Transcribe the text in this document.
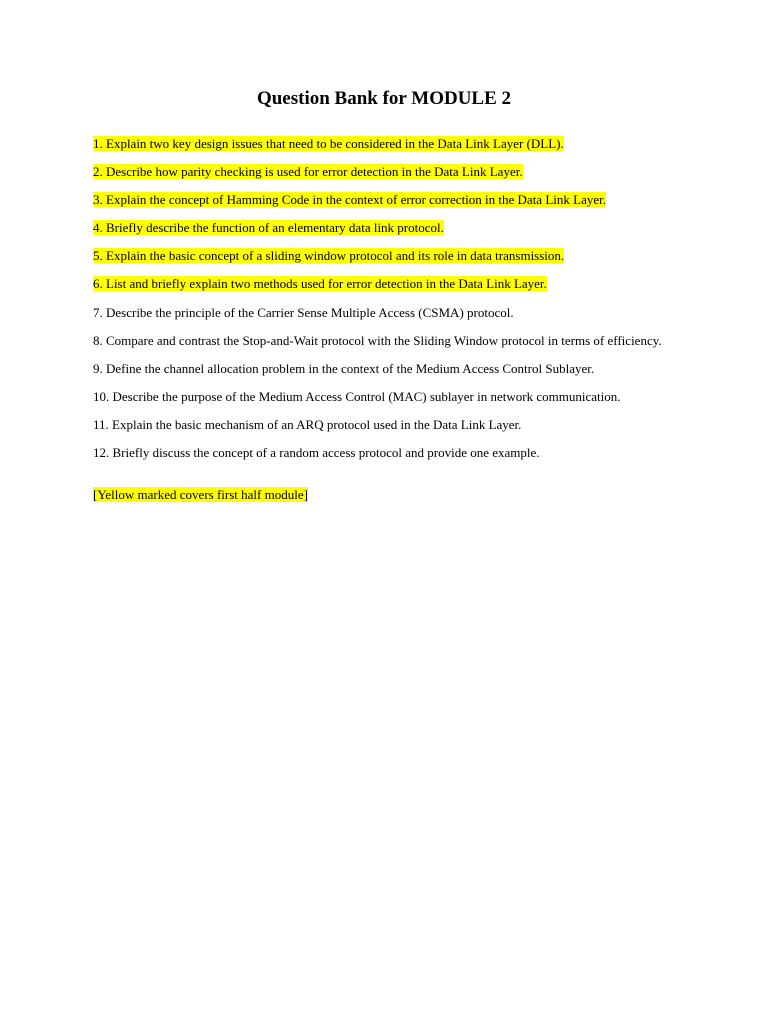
Question Bank for MODULE 2
1. Explain two key design issues that need to be considered in the Data Link Layer (DLL).
2. Describe how parity checking is used for error detection in the Data Link Layer.
3. Explain the concept of Hamming Code in the context of error correction in the Data Link Layer.
4. Briefly describe the function of an elementary data link protocol.
5. Explain the basic concept of a sliding window protocol and its role in data transmission.
6. List and briefly explain two methods used for error detection in the Data Link Layer.
7. Describe the principle of the Carrier Sense Multiple Access (CSMA) protocol.
8. Compare and contrast the Stop-and-Wait protocol with the Sliding Window protocol in terms of efficiency.
9. Define the channel allocation problem in the context of the Medium Access Control Sublayer.
10. Describe the purpose of the Medium Access Control (MAC) sublayer in network communication.
11. Explain the basic mechanism of an ARQ protocol used in the Data Link Layer.
12. Briefly discuss the concept of a random access protocol and provide one example.

[Yellow marked covers first half module]
